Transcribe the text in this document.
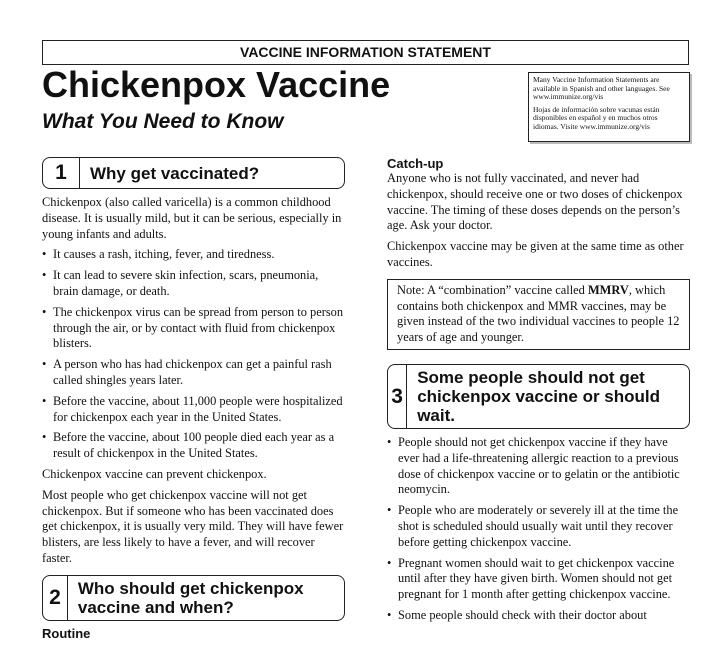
VACCINE INFORMATION STATEMENT
Chickenpox Vaccine
What You Need to Know

Many Vaccine Information Statements are available in Spanish and other languages. See www.immunize.org/vis

Hojas de información sobre vacunas están disponibles en español y en muchos otros idiomas. Visite www.immunize.org/vis

1	Why get vaccinated?

Chickenpox (also called varicella) is a common childhood disease. It is usually mild, but it can be serious, especially in young infants and adults.

• It causes a rash, itching, fever, and tiredness.
• It can lead to severe skin infection, scars, pneumonia, brain damage, or death.
• The chickenpox virus can be spread from person to person through the air, or by contact with fluid from chickenpox blisters.
• A person who has had chickenpox can get a painful rash called shingles years later.
• Before the vaccine, about 11,000 people were hospitalized for chickenpox each year in the United States.
• Before the vaccine, about 100 people died each year as a result of chickenpox in the United States.

Chickenpox vaccine can prevent chickenpox.

Most people who get chickenpox vaccine will not get chickenpox. But if someone who has been vaccinated does get chickenpox, it is usually very mild. They will have fewer blisters, are less likely to have a fever, and will recover faster.

2	Who should get chickenpox vaccine and when?
Routine
Catch-up

Anyone who is not fully vaccinated, and never had chickenpox, should receive one or two doses of chickenpox vaccine. The timing of these doses depends on the person’s age. Ask your doctor.

Chickenpox vaccine may be given at the same time as other vaccines.

Note: A “combination” vaccine called MMRV, which contains both chickenpox and MMR vaccines, may be given instead of the two individual vaccines to people 12 years of age and younger.
3
Some people should not get chickenpox vaccine or should wait.
• People should not get chickenpox vaccine if they have ever had a life-threatening allergic reaction to a previous dose of chickenpox vaccine or to gelatin or the antibiotic neomycin.
• People who are moderately or severely ill at the time the shot is scheduled should usually wait until they recover before getting chickenpox vaccine.
• Pregnant women should wait to get chickenpox vaccine until after they have given birth. Women should not get pregnant for 1 month after getting chickenpox vaccine.
• Some people should check with their doctor about
